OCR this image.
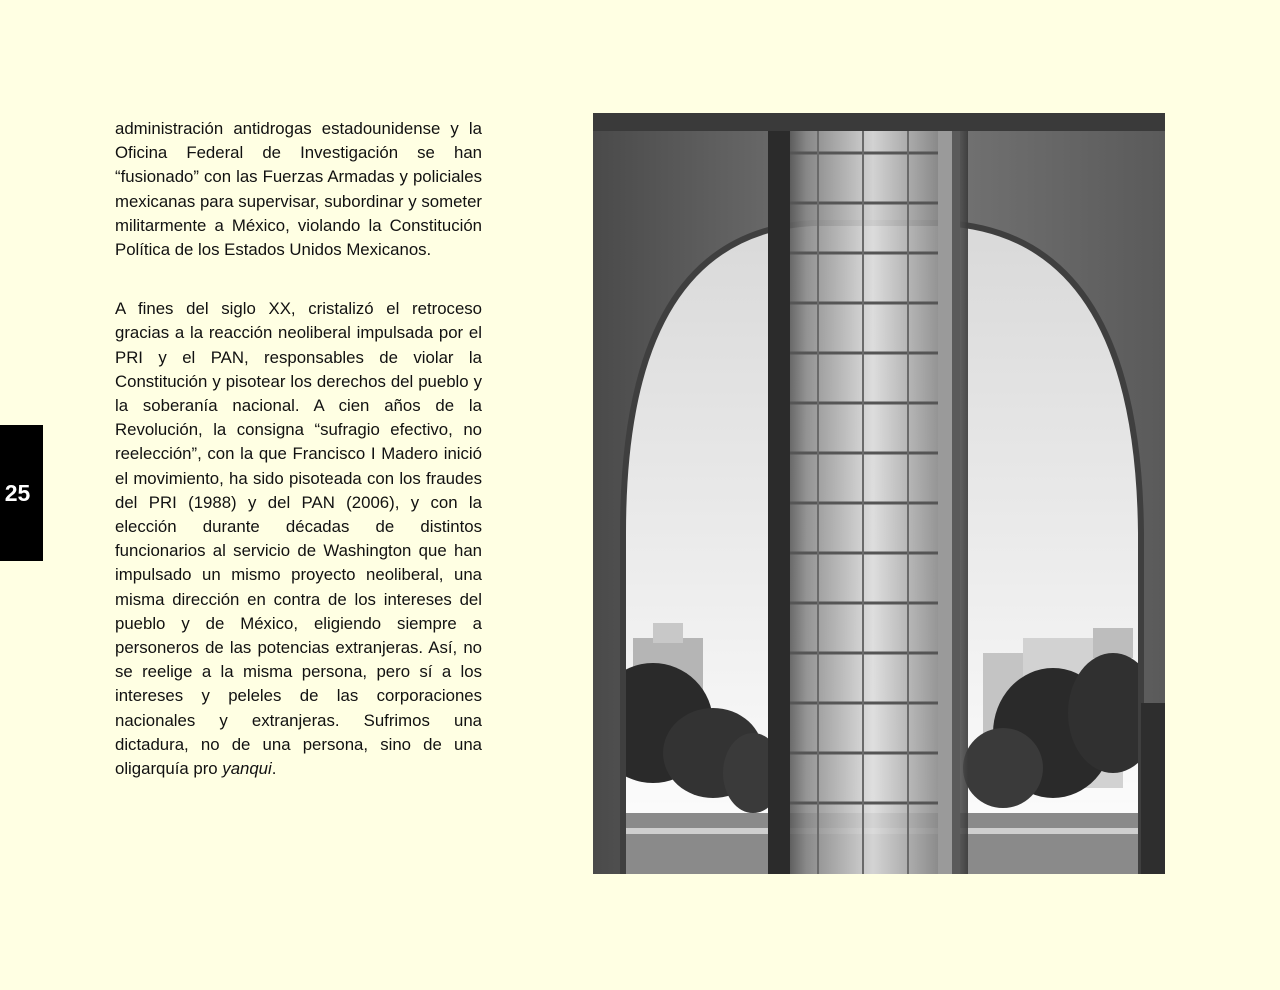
25

administración antidrogas estadounidense y la Oficina Federal de Investigación se han “fusionado” con las Fuerzas Armadas y policiales mexicanas para supervisar, subordinar y someter militarmente a México, violando la Constitución Política de los Estados Unidos Mexicanos.

A fines del siglo XX, cristalizó el retroceso gracias a la reacción neoliberal impulsada por el PRI y el PAN, responsables de violar la Constitución y pisotear los derechos del pueblo y la soberanía nacional. A cien años de la Revolución, la consigna “sufragio efectivo, no reelección”, con la que Francisco I Madero inició el movimiento, ha sido pisoteada con los fraudes del PRI (1988) y del PAN (2006), y con la elección durante décadas de distintos funcionarios al servicio de Washington que han impulsado un mismo proyecto neoliberal, una misma dirección en contra de los intereses del pueblo y de México, eligiendo siempre a personeros de las potencias extranjeras. Así, no se reelige a la misma persona, pero sí a los intereses y peleles de las corporaciones nacionales y extranjeras. Sufrimos una dictadura, no de una persona, sino de una oligarquía pro yanqui.
